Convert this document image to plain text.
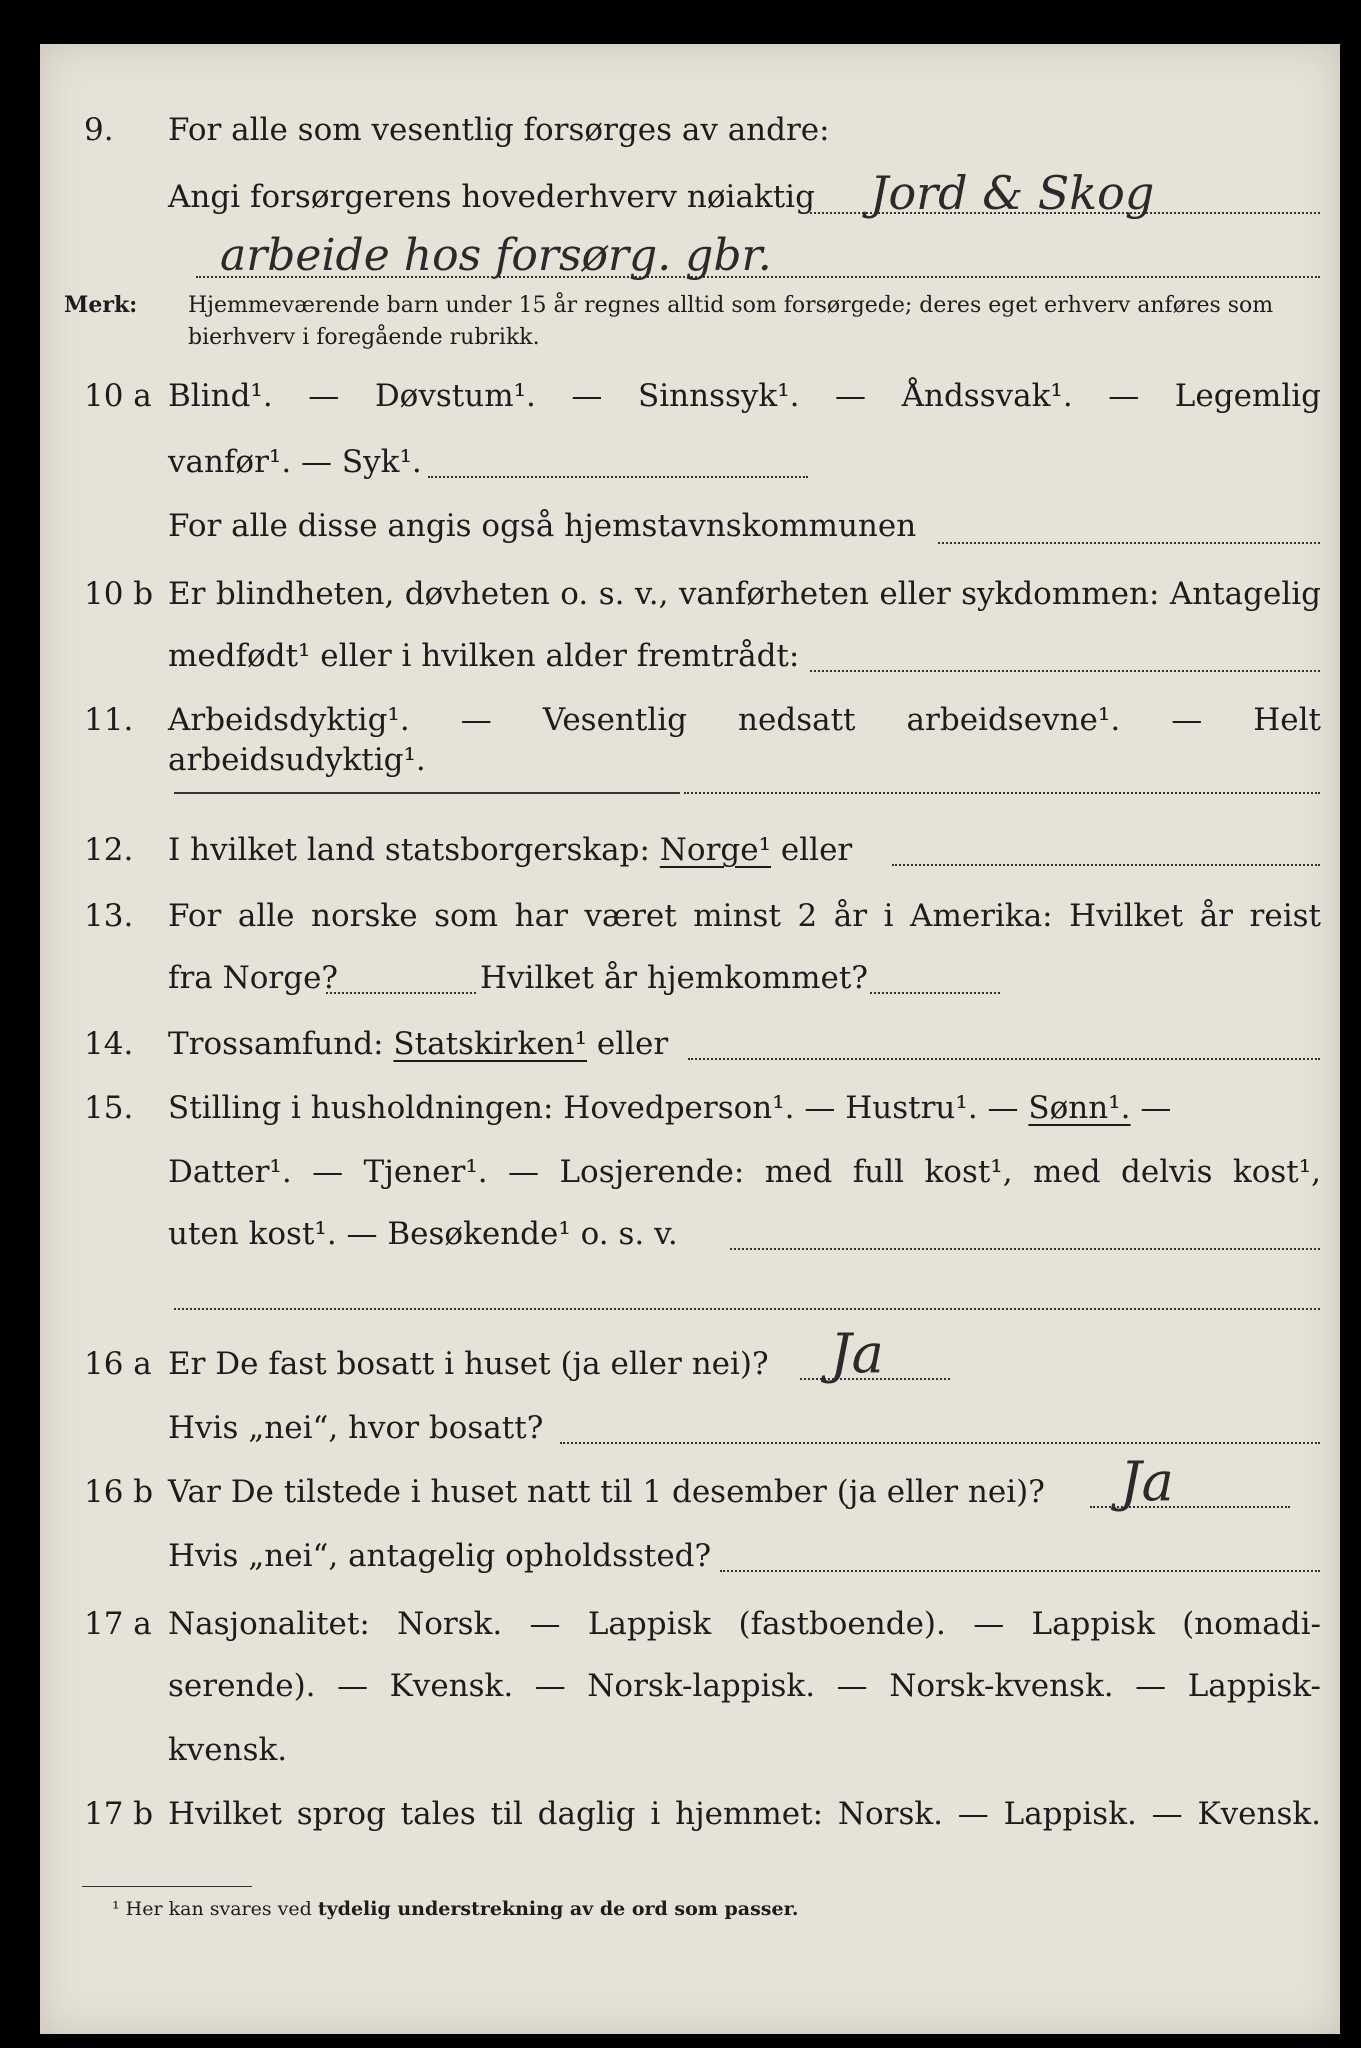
9. For alle som vesentlig forsørges av andre:
Angi forsørgerens hovederhverv nøiaktig Jord & Skog
arbeide hos forsørg. gbr.
Merk: Hjemmeværende barn under 15 år regnes alltid som forsørgede; deres eget erhverv anføres som bierhverv i foregående rubrikk.
10 a Blind¹. — Døvstum¹. — Sinnssyk¹. — Åndssvak¹. — Legemlig
vanfør¹. — Syk¹.
For alle disse angis også hjemstavnskommunen
10 b Er blindheten, døvheten o. s. v., vanførheten eller sykdommen: Antagelig
medfødt¹ eller i hvilken alder fremtrådt:
11. Arbeidsdyktig¹. — Vesentlig nedsatt arbeidsevne¹. — Helt arbeidsudyktig¹.
12. I hvilket land statsborgerskap: Norge¹ eller
13. For alle norske som har været minst 2 år i Amerika: Hvilket år reist
fra Norge?	Hvilket år hjemkommet?
14. Trossamfund: Statskirken¹ eller
15. Stilling i husholdningen: Hovedperson¹. — Hustru¹. — Sønn¹. —
Datter¹. — Tjener¹. — Losjerende: med full kost¹, med delvis kost¹,
uten kost¹. — Besøkende¹ o. s. v.
16 a Er De fast bosatt i huset (ja eller nei)? Ja
Hvis „nei“, hvor bosatt?
16 b Var De tilstede i huset natt til 1 desember (ja eller nei)? Ja
Hvis „nei“, antagelig opholdssted?
17 a Nasjonalitet: Norsk. — Lappisk (fastboende). — Lappisk (nomadi-
serende). — Kvensk. — Norsk-lappisk. — Norsk-kvensk. — Lappisk-
kvensk.
17 b Hvilket sprog tales til daglig i hjemmet: Norsk. — Lappisk. — Kvensk.
¹ Her kan svares ved tydelig understrekning av de ord som passer.
